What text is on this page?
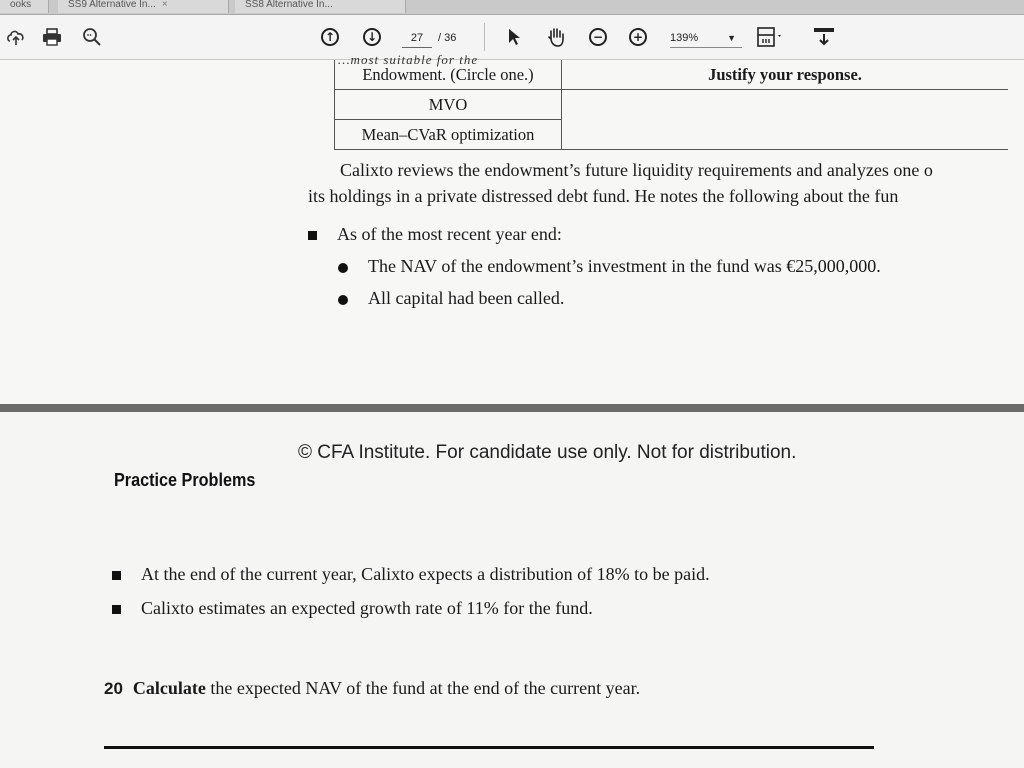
ooks	SS9 Alternative In... ×	SS8 Alternative In...
↑	↓	27	/ 36	−	+	139%	▼
…most suitable for the
Endowment. (Circle one.)	Justify your response.
MVO	
Mean–CVaR optimization	
Calixto reviews the endowment’s future liquidity requirements and analyzes one o
its holdings in a private distressed debt fund. He notes the following about the fun
As of the most recent year end:
The NAV of the endowment’s investment in the fund was €25,000,000.
All capital had been called.
© CFA Institute. For candidate use only. Not for distribution.
Practice Problems
At the end of the current year, Calixto expects a distribution of 18% to be paid.
Calixto estimates an expected growth rate of 11% for the fund.
20 Calculate the expected NAV of the fund at the end of the current year.
